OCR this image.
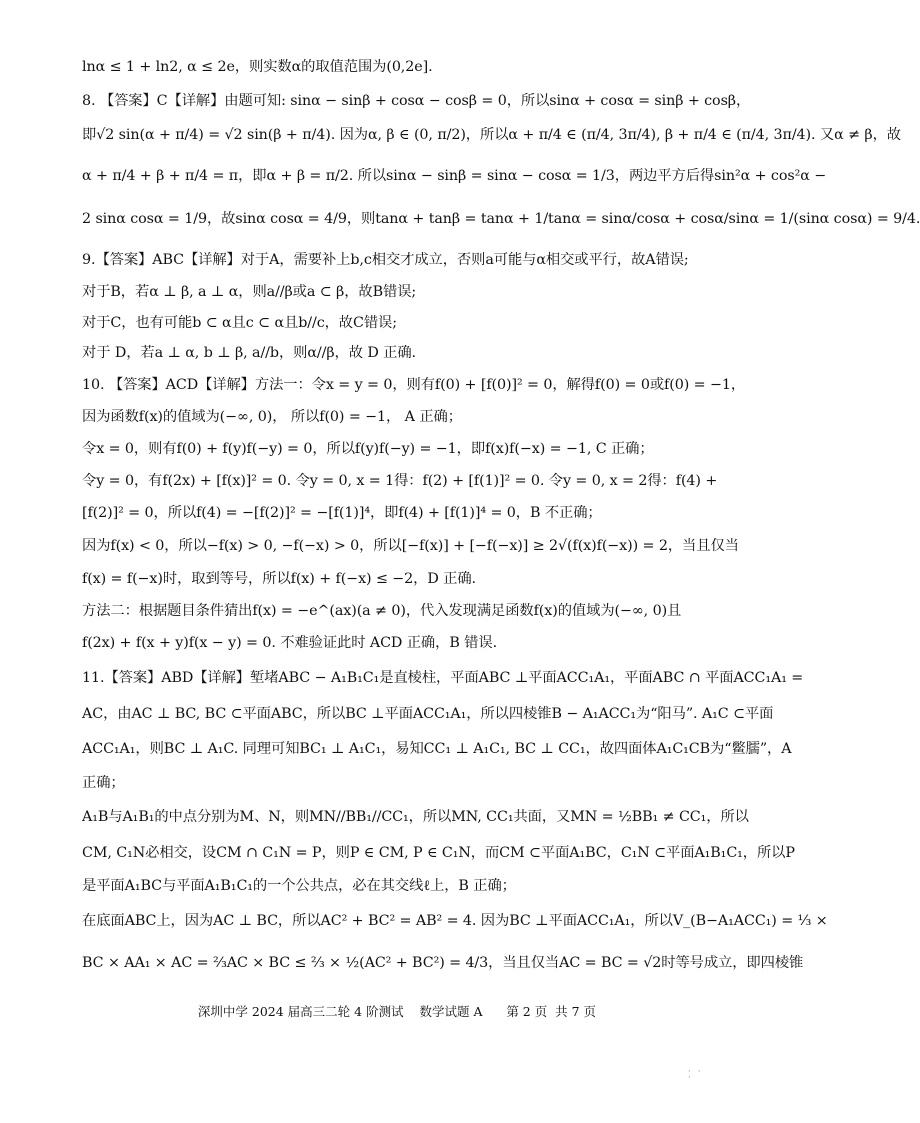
lnα ≤ 1 + ln2, α ≤ 2e，则实数α的取值范围为(0,2e].
8. 【答案】C【详解】由题可知: sinα − sinβ + cosα − cosβ = 0，所以sinα + cosα = sinβ + cosβ，
即√2 sin(α + π/4) = √2 sin(β + π/4). 因为α, β ∈ (0, π/2)，所以α + π/4 ∈ (π/4, 3π/4), β + π/4 ∈ (π/4, 3π/4). 又α ≠ β，故
α + π/4 + β + π/4 = π，即α + β = π/2. 所以sinα − sinβ = sinα − cosα = 1/3，两边平方后得sin²α + cos²α −
2 sinα cosα = 1/9，故sinα cosα = 4/9，则tanα + tanβ = tanα + 1/tanα = sinα/cosα + cosα/sinα = 1/(sinα cosα) = 9/4.
9.【答案】ABC【详解】对于A，需要补上b,c相交才成立，否则a可能与α相交或平行，故A错误;
对于B，若α ⊥ β, a ⊥ α，则a//β或a ⊂ β，故B错误;
对于C，也有可能b ⊂ α且c ⊂ α且b//c，故C错误;
对于 D，若a ⊥ α, b ⊥ β, a//b，则α//β，故 D 正确.
10. 【答案】ACD【详解】方法一：令x = y = 0，则有f(0) + [f(0)]² = 0，解得f(0) = 0或f(0) = −1，
因为函数f(x)的值域为(−∞, 0)， 所以f(0) = −1， A 正确；
令x = 0，则有f(0) + f(y)f(−y) = 0，所以f(y)f(−y) = −1，即f(x)f(−x) = −1, C 正确；
令y = 0，有f(2x) + [f(x)]² = 0. 令y = 0, x = 1得：f(2) + [f(1)]² = 0. 令y = 0, x = 2得：f(4) +
[f(2)]² = 0，所以f(4) = −[f(2)]² = −[f(1)]⁴，即f(4) + [f(1)]⁴ = 0，B 不正确；
因为f(x) < 0，所以−f(x) > 0, −f(−x) > 0，所以[−f(x)] + [−f(−x)] ≥ 2√(f(x)f(−x)) = 2，当且仅当
f(x) = f(−x)时，取到等号，所以f(x) + f(−x) ≤ −2，D 正确.
方法二：根据题目条件猜出f(x) = −e^(ax)(a ≠ 0)，代入发现满足函数f(x)的值域为(−∞, 0)且
f(2x) + f(x + y)f(x − y) = 0. 不难验证此时 ACD 正确，B 错误.
11.【答案】ABD【详解】堑堵ABC − A₁B₁C₁是直棱柱，平面ABC ⊥平面ACC₁A₁，平面ABC ∩ 平面ACC₁A₁ =
AC，由AC ⊥ BC, BC ⊂平面ABC，所以BC ⊥平面ACC₁A₁，所以四棱锥B − A₁ACC₁为“阳马”. A₁C ⊂平面
ACC₁A₁，则BC ⊥ A₁C. 同理可知BC₁ ⊥ A₁C₁，易知CC₁ ⊥ A₁C₁, BC ⊥ CC₁，故四面体A₁C₁CB为“鳖臑”，A
正确；
A₁B与A₁B₁的中点分别为M、N，则MN//BB₁//CC₁，所以MN, CC₁共面，又MN = ½BB₁ ≠ CC₁，所以
CM, C₁N必相交，设CM ∩ C₁N = P，则P ∈ CM, P ∈ C₁N，而CM ⊂平面A₁BC，C₁N ⊂平面A₁B₁C₁，所以P
是平面A₁BC与平面A₁B₁C₁的一个公共点，必在其交线ℓ上，B 正确；
在底面ABC上，因为AC ⊥ BC，所以AC² + BC² = AB² = 4. 因为BC ⊥平面ACC₁A₁，所以V_(B−A₁ACC₁) = ⅓ ×
BC × AA₁ × AC = ⅔AC × BC ≤ ⅔ × ½(AC² + BC²) = 4/3，当且仅当AC = BC = √2时等号成立，即四棱锥
深圳中学 2024 届高三二轮 4 阶测试    数学试题 A      第 2 页  共 7 页
· · ·
